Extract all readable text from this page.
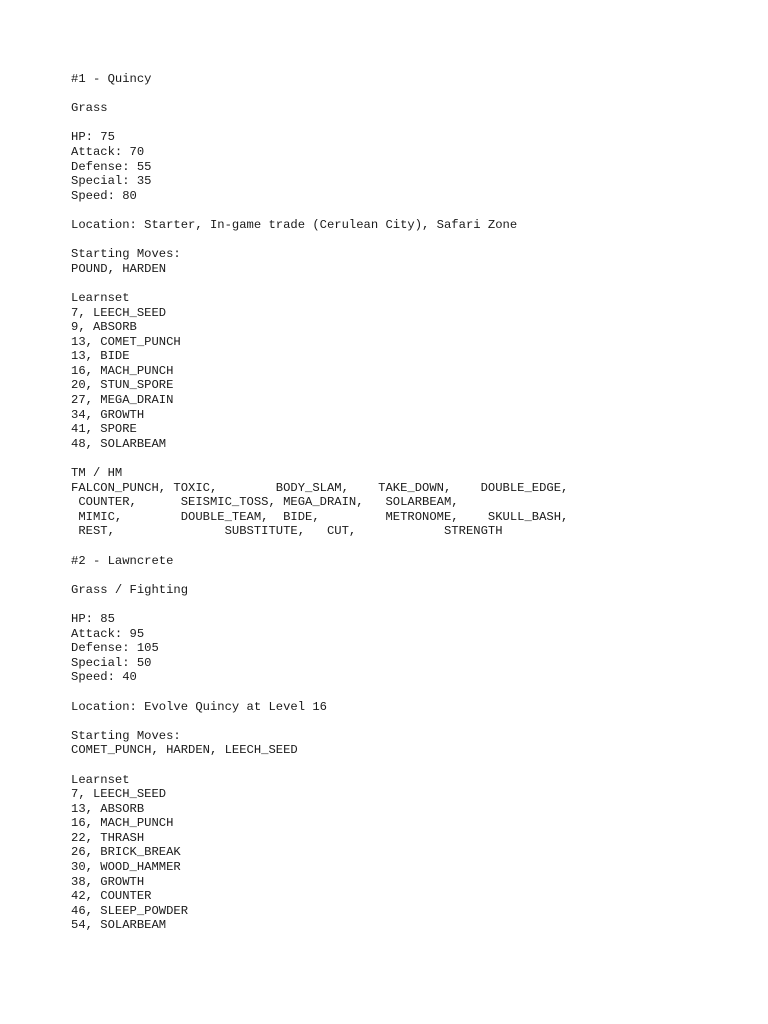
#1 - Quincy
Grass
HP: 75
Attack: 70
Defense: 55
Special: 35
Speed: 80
Location: Starter, In-game trade (Cerulean City), Safari Zone
Starting Moves:
POUND, HARDEN
Learnset
7, LEECH_SEED
9, ABSORB
13, COMET_PUNCH
13, BIDE
16, MACH_PUNCH
20, STUN_SPORE
27, MEGA_DRAIN
34, GROWTH
41, SPORE
48, SOLARBEAM
TM / HM
FALCON_PUNCH, TOXIC,        BODY_SLAM,    TAKE_DOWN,    DOUBLE_EDGE,
COUNTER,      SEISMIC_TOSS, MEGA_DRAIN,   SOLARBEAM,
MIMIC,        DOUBLE_TEAM,  BIDE,         METRONOME,    SKULL_BASH,
REST,               SUBSTITUTE,   CUT,            STRENGTH
#2 - Lawncrete
Grass / Fighting
HP: 85
Attack: 95
Defense: 105
Special: 50
Speed: 40
Location: Evolve Quincy at Level 16
Starting Moves:
COMET_PUNCH, HARDEN, LEECH_SEED
Learnset
7, LEECH_SEED
13, ABSORB
16, MACH_PUNCH
22, THRASH
26, BRICK_BREAK
30, WOOD_HAMMER
38, GROWTH
42, COUNTER
46, SLEEP_POWDER
54, SOLARBEAM
